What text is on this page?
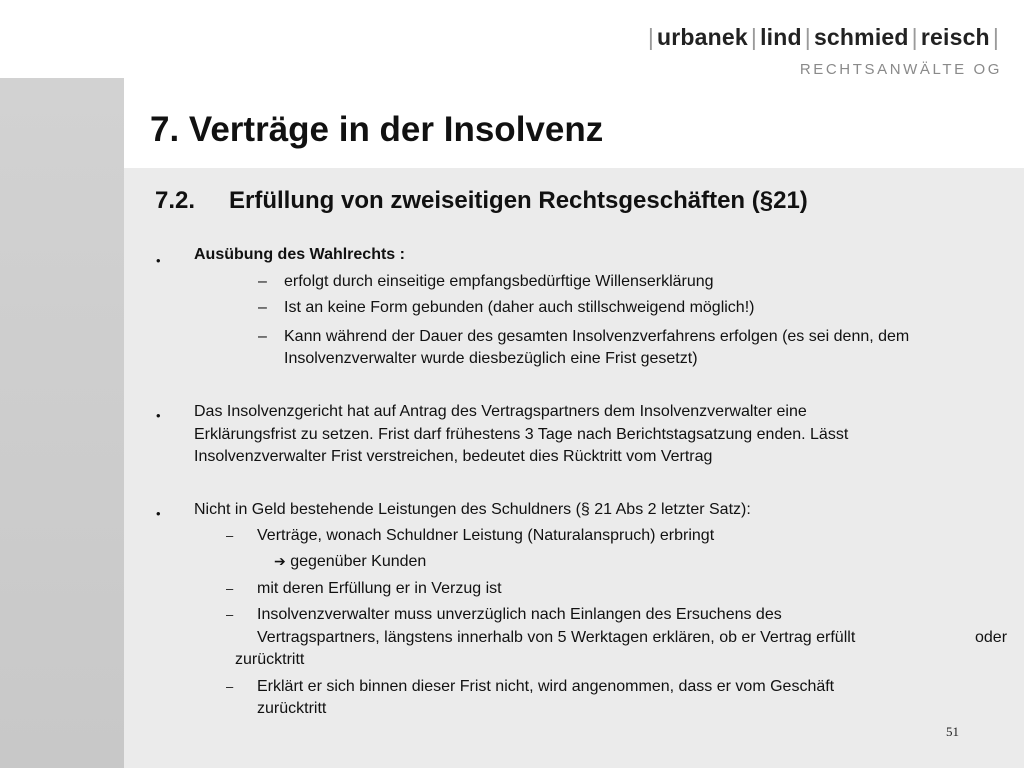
| urbanek | lind | schmied | reisch |
RECHTSANWÄLTE OG
7. Verträge in der Insolvenz
7.2. Erfüllung von zweiseitigen Rechtsgeschäften (§21)
• Ausübung des Wahlrechts :
– erfolgt durch einseitige empfangsbedürftige Willenserklärung
– Ist an keine Form gebunden (daher auch stillschweigend möglich!)
– Kann während der Dauer des gesamten Insolvenzverfahrens erfolgen (es sei denn, dem
Insolvenzverwalter wurde diesbezüglich eine Frist gesetzt)
• Das Insolvenzgericht hat auf Antrag des Vertragspartners dem Insolvenzverwalter eine
Erklärungsfrist zu setzen. Frist darf frühestens 3 Tage nach Berichtstagsatzung enden. Lässt
Insolvenzverwalter Frist verstreichen, bedeutet dies Rücktritt vom Vertrag
• Nicht in Geld bestehende Leistungen des Schuldners (§ 21 Abs 2 letzter Satz):
– Verträge, wonach Schuldner Leistung (Naturalanspruch) erbringt
➔ gegenüber Kunden
– mit deren Erfüllung er in Verzug ist
– Insolvenzverwalter muss unverzüglich nach Einlangen des Ersuchens des
Vertragspartners, längstens innerhalb von 5 Werktagen erklären, ob er Vertrag erfüllt	oder
zurücktritt
– Erklärt er sich binnen dieser Frist nicht, wird angenommen, dass er vom Geschäft
zurücktritt
51
